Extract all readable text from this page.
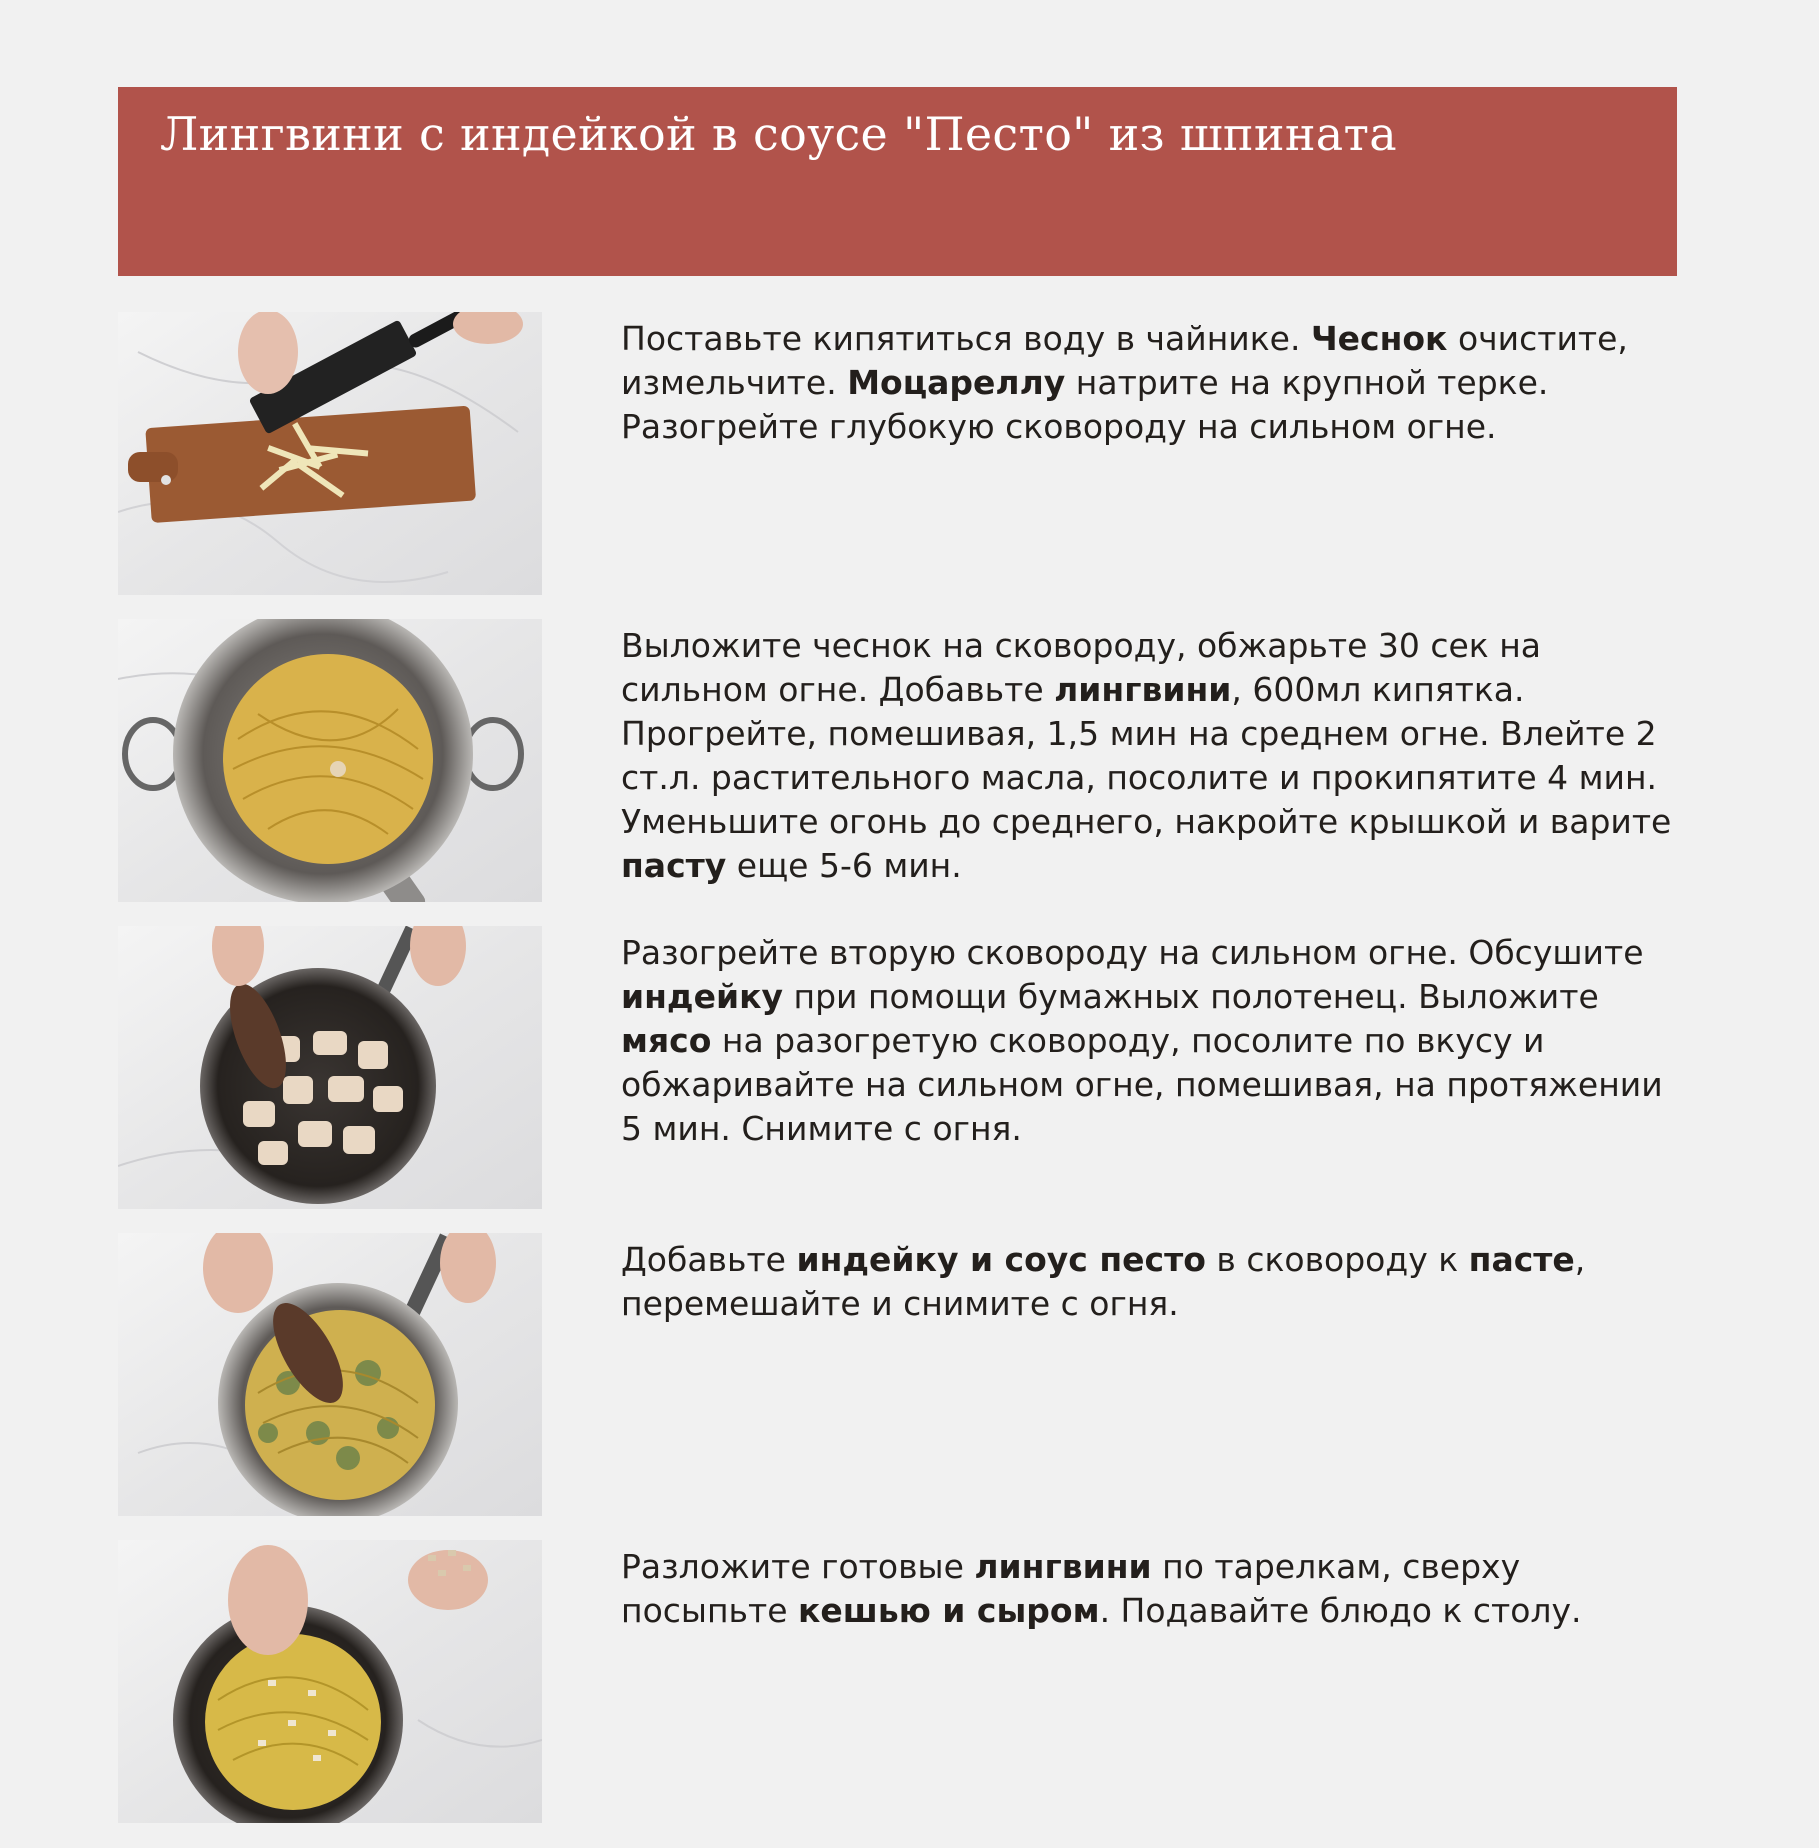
Лингвини с индейкой в соусе "Песто" из шпината

Поставьте кипятиться воду в чайнике. Чеснок очистите, измельчите. Моцареллу натрите на крупной терке. Разогрейте глубокую сковороду на сильном огне.

Выложите чеснок на сковороду, обжарьте 30 сек на сильном огне. Добавьте лингвини, 600мл кипятка. Прогрейте, помешивая, 1,5 мин на среднем огне. Влейте 2 ст.л. растительного масла, посолите и прокипятите 4 мин. Уменьшите огонь до среднего, накройте крышкой и варите пасту еще 5-6 мин.

Разогрейте вторую сковороду на сильном огне. Обсушите индейку при помощи бумажных полотенец. Выложите мясо на разогретую сковороду, посолите по вкусу и обжаривайте на сильном огне, помешивая, на протяжении 5 мин. Снимите с огня.

Добавьте индейку и соус песто в сковороду к пасте, перемешайте и снимите с огня.

Разложите готовые лингвини по тарелкам, сверху посыпьте кешью и сыром. Подавайте блюдо к столу.
